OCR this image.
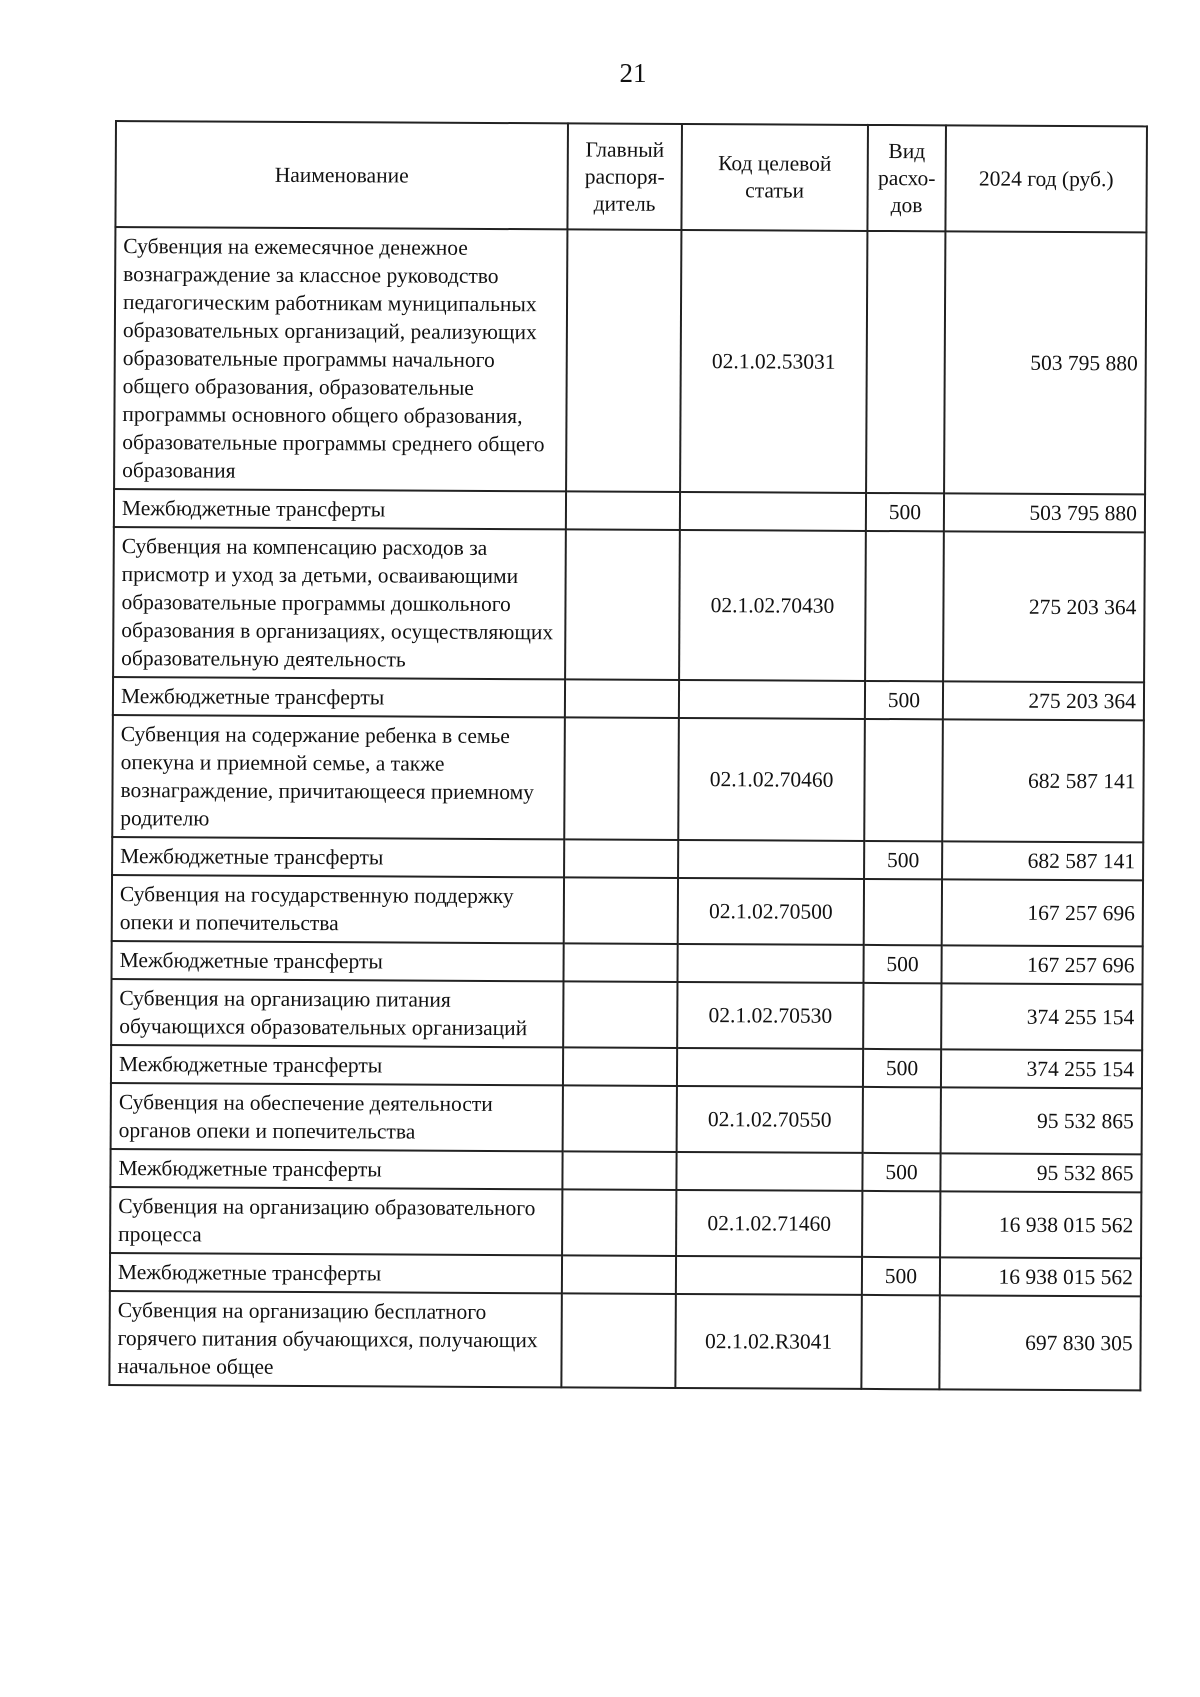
21
Наименование	Главный распоря-дитель	Код целевой статьи	Вид расхо-дов	2024 год (руб.)
Субвенция на ежемесячное денежное вознаграждение за классное руководство педагогическим работникам муниципальных образовательных организаций, реализующих образовательные программы начального общего образования, образовательные программы основного общего образования, образовательные программы среднего общего образования		02.1.02.53031		503 795 880
Межбюджетные трансферты			500	503 795 880
Субвенция на компенсацию расходов за присмотр и уход за детьми, осваивающими образовательные программы дошкольного образования в организациях, осуществляющих образовательную деятельность		02.1.02.70430		275 203 364
Межбюджетные трансферты			500	275 203 364
Субвенция на содержание ребенка в семье опекуна и приемной семье, а также вознаграждение, причитающееся приемному родителю		02.1.02.70460		682 587 141
Межбюджетные трансферты			500	682 587 141
Субвенция на государственную поддержку опеки и попечительства		02.1.02.70500		167 257 696
Межбюджетные трансферты			500	167 257 696
Субвенция на организацию питания обучающихся образовательных организаций		02.1.02.70530		374 255 154
Межбюджетные трансферты			500	374 255 154
Субвенция на обеспечение деятельности органов опеки и попечительства		02.1.02.70550		95 532 865
Межбюджетные трансферты			500	95 532 865
Субвенция на организацию образовательного процесса		02.1.02.71460		16 938 015 562
Межбюджетные трансферты			500	16 938 015 562
Субвенция на организацию бесплатного горячего питания обучающихся, получающих начальное общее		02.1.02.R3041		697 830 305
